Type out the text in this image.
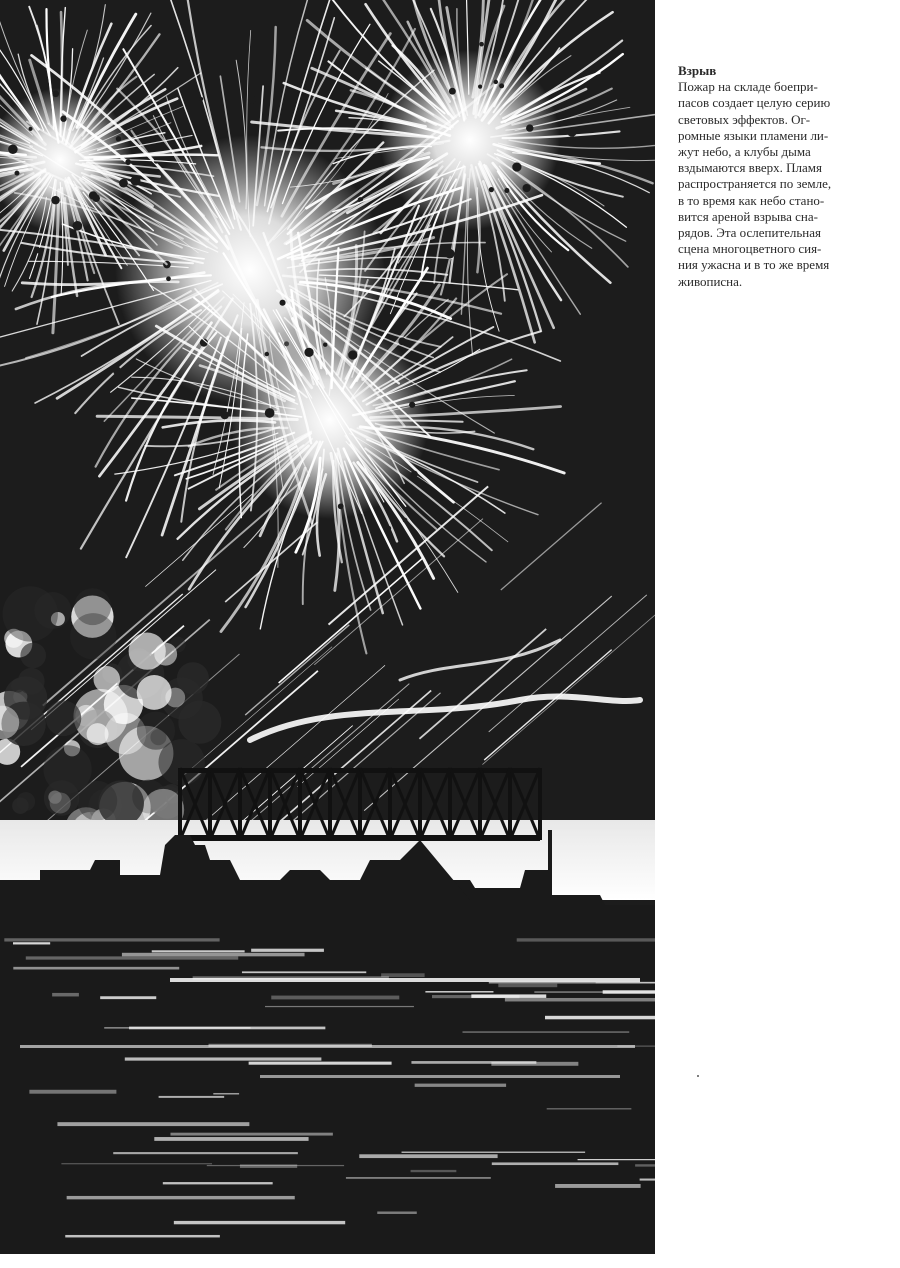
Взрыв
Пожар на складе боепри-
пасов создает целую серию
световых эффектов. Ог-
ромные языки пламени ли-
жут небо, а клубы дыма
вздымаются вверх. Пламя
распространяется по земле,
в то время как небо стано-
вится ареной взрыва сна-
рядов. Эта ослепительная
сцена многоцветного сия-
ния ужасна и в то же время
живописна.
